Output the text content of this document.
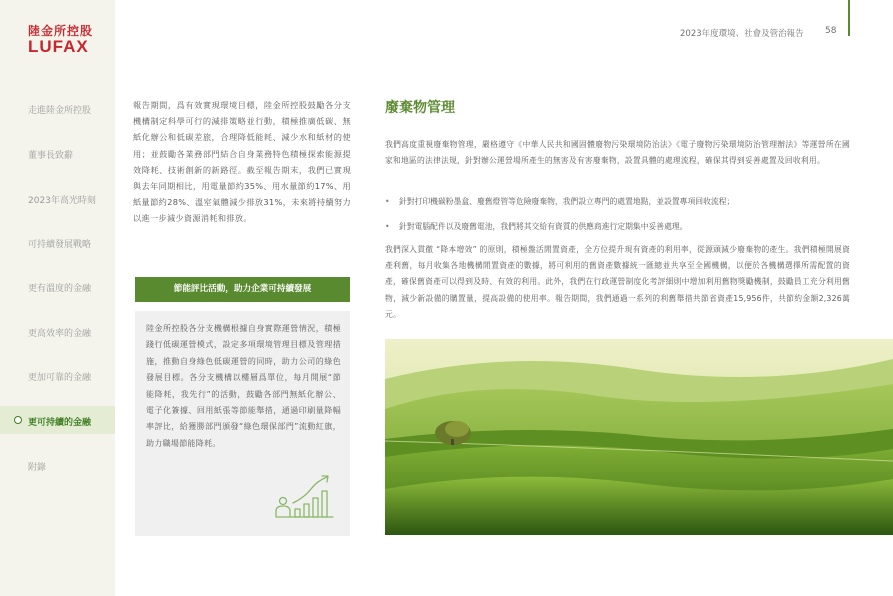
陸金所控股
LUFAX
走進陸金所控股
董事長致辭
2023年高光時刻
可持續發展戰略
更有溫度的金融
更高效率的金融
更加可靠的金融
更可持續的金融
附錄
2023年度環境、社會及管治報告 58
報告期間，爲有效實現環境目標，陸金所控股鼓勵各分支機構制定科學可行的減排策略並行動，積極推廣低碳、無紙化辦公和低碳差旅，合理降低能耗、減少水和紙材的使用；並鼓勵各業務部門結合自身業務特色積極探索能源提效降耗、技術創新的新路徑。截至報告期末，我們已實現與去年同期相比，用電量節約35%、用水量節約17%、用紙量節約28%、溫室氣體減少排放31%，未來將持續努力以進一步減少資源消耗和排放。
節能評比活動，助力企業可持續發展
陸金所控股各分支機構根據自身實際運營情況，積極踐行低碳運營模式，設定多項環境管理目標及管理措施，推動自身綠色低碳運營的同時，助力公司的綠色發展目標。各分支機構以樓層爲單位，每月開展“節能降耗，我先行”的活動，鼓勵各部門無紙化辦公、電子化簽據、回用紙張等節能舉措，通過印刷量降幅率評比，給獲勝部門頒發“綠色環保部門”流動紅旗，助力職場節能降耗。
廢棄物管理
我們高度重視廢棄物管理，嚴格遵守《中華人民共和國固體廢物污染環境防治法》《電子廢物污染環境防治管理辦法》等運營所在國家和地區的法律法規，針對辦公運營場所產生的無害及有害廢棄物，設置具體的處理流程，確保其得到妥善處置及回收利用。
• 針對打印機碳粉墨盒、廢舊燈管等危險廢棄物，我們設立專門的處置地點，並設置專項回收流程；
• 針對電腦配件以及廢舊電池，我們將其交給有資質的供應商進行定期集中妥善處理。
我們深入貫徹 “降本增效” 的原則，積極盤活閒置資產，全方位提升現有資產的利用率，從源頭減少廢棄物的產生。我們積極開展資產利舊，每月收集各地機構閒置資產的數據，將可利用的舊資產數據統一匯總並共享至全國機構，以便於各機構選擇所需配置的資產，確保舊資產可以得到及時、有效的利用。此外，我們在行政運營制度化考評細則中增加利用舊物獎勵機制，鼓勵員工充分利用舊物，減少新設備的購置量，提高設備的使用率。報告期間，我們通過一系列的利舊舉措共節省資產15,956件，共節約金額2,326萬元。
